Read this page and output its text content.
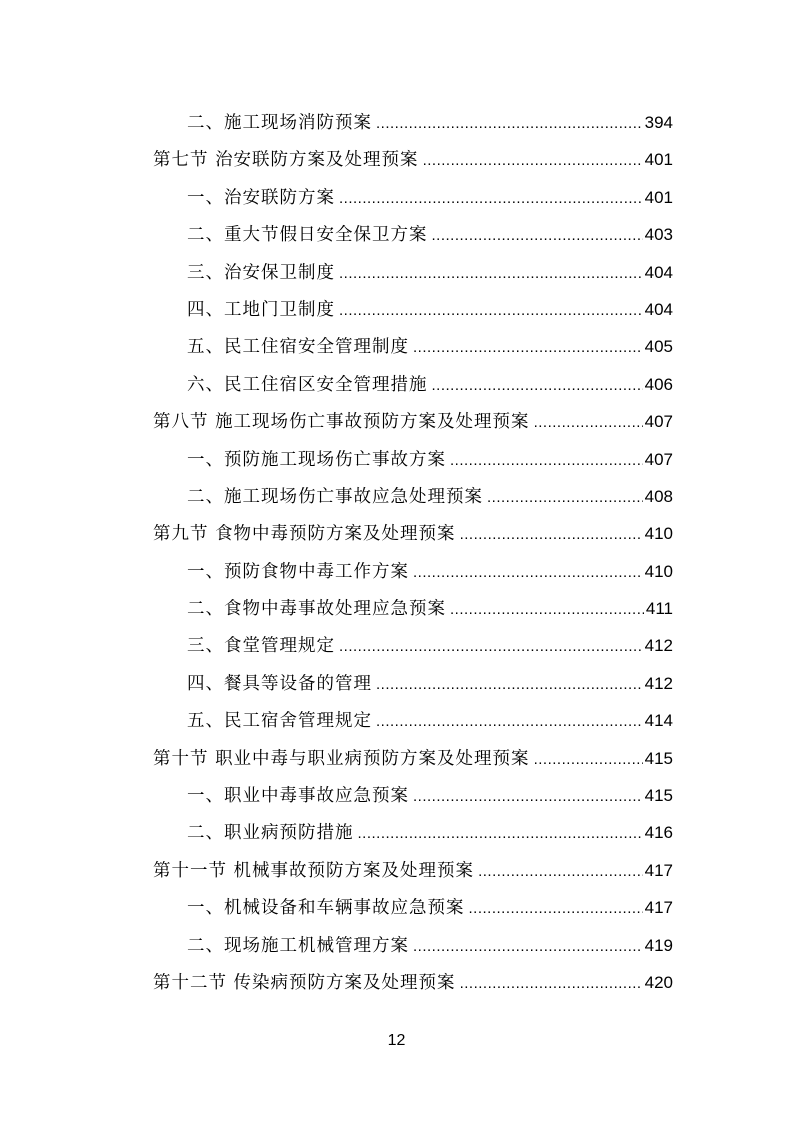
二、施工现场消防预案 .....	394
第七节 治安联防方案及处理预案 .....	401
一、治安联防方案 .....	401
二、重大节假日安全保卫方案 .....	403
三、治安保卫制度 .....	404
四、工地门卫制度 .....	404
五、民工住宿安全管理制度 .....	405
六、民工住宿区安全管理措施 .....	406
第八节 施工现场伤亡事故预防方案及处理预案 .....	407
一、预防施工现场伤亡事故方案 .....	407
二、施工现场伤亡事故应急处理预案 .....	408
第九节 食物中毒预防方案及处理预案 .....	410
一、预防食物中毒工作方案 .....	410
二、食物中毒事故处理应急预案 .....	411
三、食堂管理规定 .....	412
四、餐具等设备的管理 .....	412
五、民工宿舍管理规定 .....	414
第十节 职业中毒与职业病预防方案及处理预案 .....	415
一、职业中毒事故应急预案 .....	415
二、职业病预防措施 .....	416
第十一节 机械事故预防方案及处理预案 .....	417
一、机械设备和车辆事故应急预案 .....	417
二、现场施工机械管理方案 .....	419
第十二节 传染病预防方案及处理预案 .....	420
12
